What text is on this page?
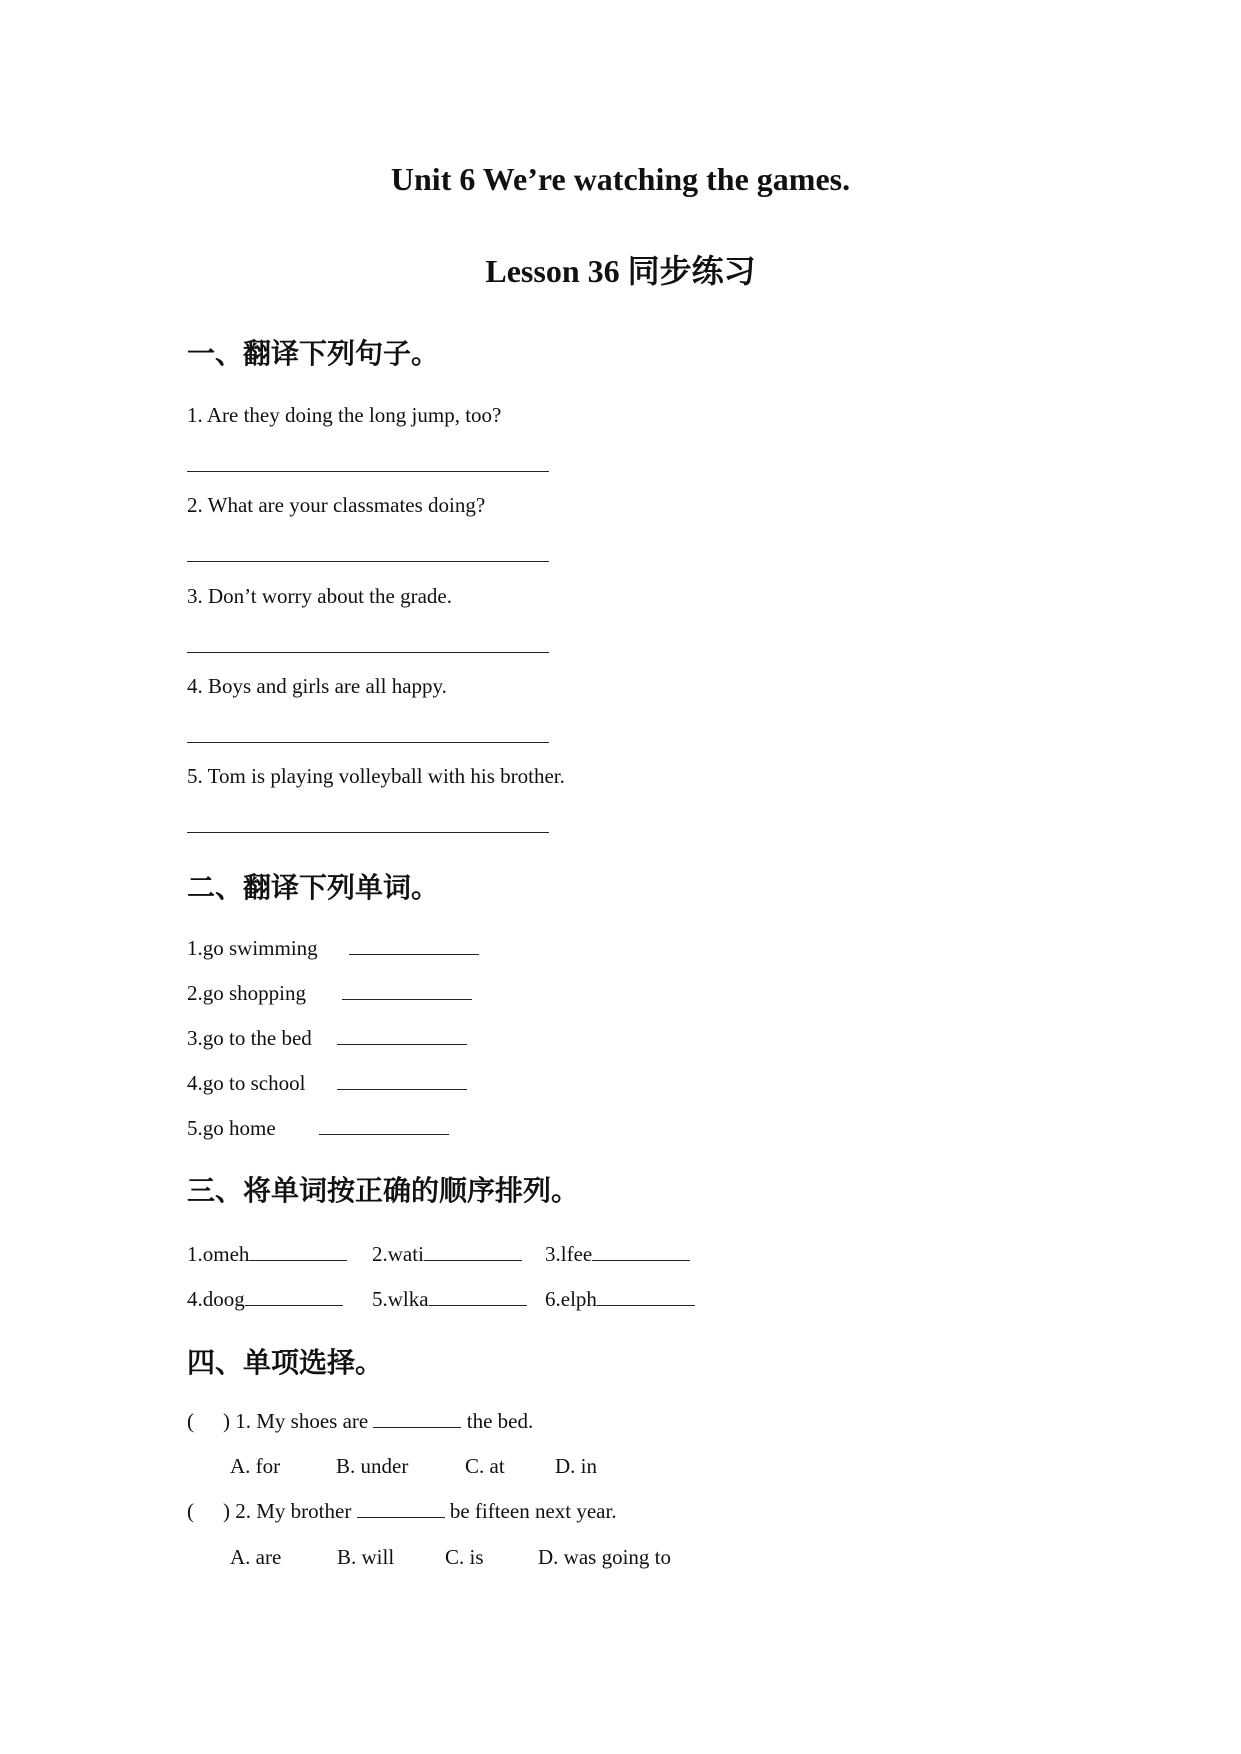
Unit 6 We’re watching the games.
Lesson 36 同步练习
一、翻译下列句子。
1. Are they doing the long jump, too?
2. What are your classmates doing?
3. Don’t worry about the grade.
4. Boys and girls are all happy.
5. Tom is playing volleyball with his brother.
二、翻译下列单词。
1.go swimming
2.go shopping
3.go to the bed
4.go to school
5.go home
三、将单词按正确的顺序排列。
1.omeh	2.wati	3.lfee
4.doog	5.wlka	6.elph
四、单项选择。
( ) 1. My shoes are	the bed.
A. for	B. under	C. at D. in
( ) 2. My brother	be fifteen next year.
A. are	B. will C. is	D. was going to
